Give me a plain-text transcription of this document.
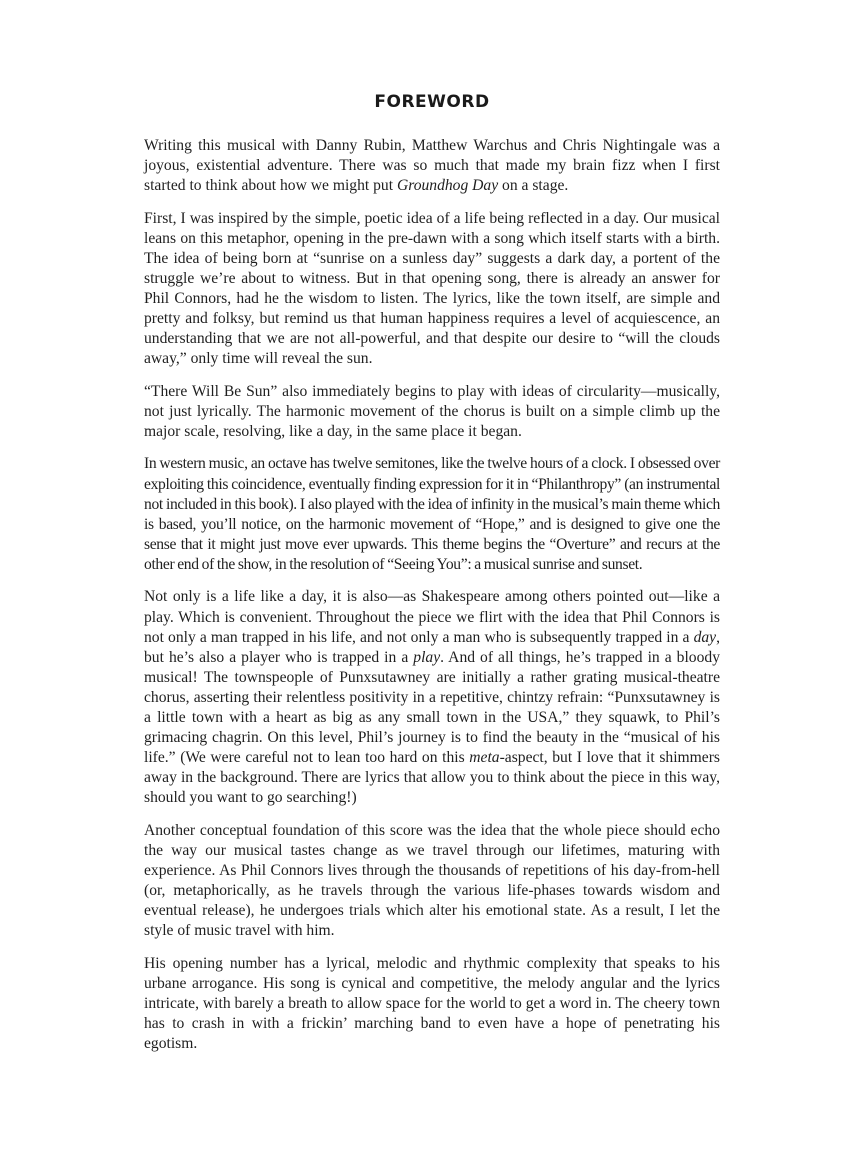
FOREWORD

Writing this musical with Danny Rubin, Matthew Warchus and Chris Nightingale was a joyous, existential adventure. There was so much that made my brain fizz when I first started to think about how we might put Groundhog Day on a stage.

First, I was inspired by the simple, poetic idea of a life being reflected in a day. Our musical leans on this metaphor, opening in the pre-dawn with a song which itself starts with a birth. The idea of being born at “sunrise on a sunless day” suggests a dark day, a portent of the struggle we’re about to witness. But in that opening song, there is already an answer for Phil Connors, had he the wisdom to listen. The lyrics, like the town itself, are simple and pretty and folksy, but remind us that human happiness requires a level of acquiescence, an understanding that we are not all-powerful, and that despite our desire to “will the clouds away,” only time will reveal the sun.

“There Will Be Sun” also immediately begins to play with ideas of circularity—musically, not just lyrically. The harmonic movement of the chorus is built on a simple climb up the major scale, resolving, like a day, in the same place it began.

In western music, an octave has twelve semitones, like the twelve hours of a clock. I obsessed over exploiting this coincidence, eventually finding expression for it in “Philanthropy” (an instrumental not included in this book). I also played with the idea of infinity in the musical’s main theme which is based, you’ll notice, on the harmonic movement of “Hope,” and is designed to give one the sense that it might just move ever upwards. This theme begins the “Overture” and recurs at the other end of the show, in the resolution of “Seeing You”: a musical sunrise and sunset.

Not only is a life like a day, it is also—as Shakespeare among others pointed out—like a play. Which is convenient. Throughout the piece we flirt with the idea that Phil Connors is not only a man trapped in his life, and not only a man who is subsequently trapped in a day, but he’s also a player who is trapped in a play. And of all things, he’s trapped in a bloody musical! The townspeople of Punxsutawney are initially a rather grating musical-theatre chorus, asserting their relentless positivity in a repetitive, chintzy refrain: “Punxsutawney is a little town with a heart as big as any small town in the USA,” they squawk, to Phil’s grimacing chagrin. On this level, Phil’s journey is to find the beauty in the “musical of his life.” (We were careful not to lean too hard on this meta-aspect, but I love that it shimmers away in the background. There are lyrics that allow you to think about the piece in this way, should you want to go searching!)

Another conceptual foundation of this score was the idea that the whole piece should echo the way our musical tastes change as we travel through our lifetimes, maturing with experience. As Phil Connors lives through the thousands of repetitions of his day-from-hell (or, metaphorically, as he travels through the various life-phases towards wisdom and eventual release), he undergoes trials which alter his emotional state. As a result, I let the style of music travel with him.

His opening number has a lyrical, melodic and rhythmic complexity that speaks to his urbane arrogance. His song is cynical and competitive, the melody angular and the lyrics intricate, with barely a breath to allow space for the world to get a word in. The cheery town has to crash in with a frickin’ marching band to even have a hope of penetrating his egotism.
